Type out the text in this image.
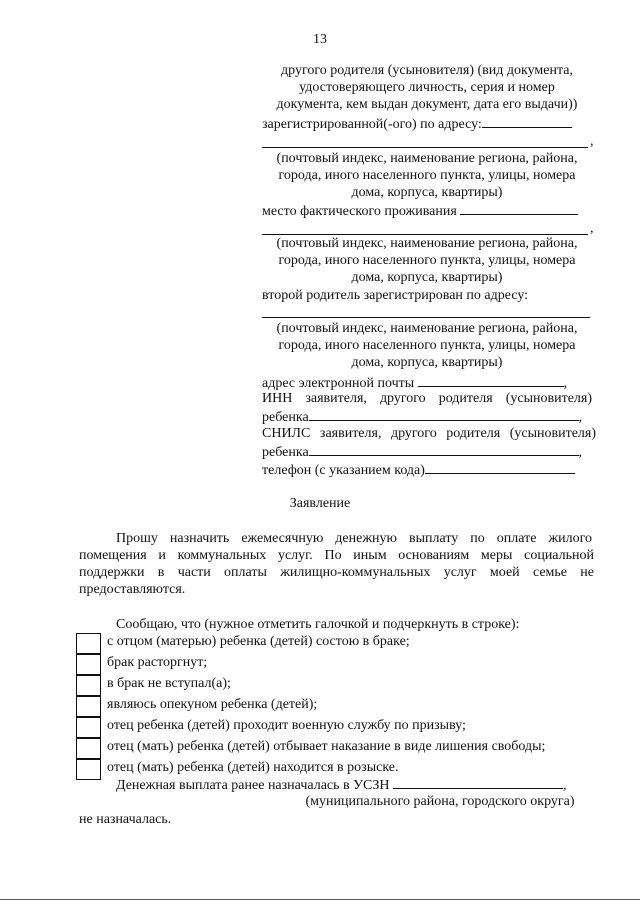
13
другого родителя (усыновителя) (вид документа,
удостоверяющего личность, серия и номер
документа, кем выдан документ, дата его выдачи))
зарегистрированной(-ого) по адресу:
,
(почтовый индекс, наименование региона, района,
города, иного населенного пункта, улицы, номера
дома, корпуса, квартиры)
место фактического проживания
,
(почтовый индекс, наименование региона, района,
города, иного населенного пункта, улицы, номера
дома, корпуса, квартиры)
второй родитель зарегистрирован по адресу:
(почтовый индекс, наименование региона, района,
города, иного населенного пункта, улицы, номера
дома, корпуса, квартиры)
адрес электронной почты	,
ИНН заявителя, другого родителя (усыновителя)
ребенка	,
СНИЛС заявителя, другого родителя (усыновителя)
ребенка	,
телефон (с указанием кода)
Заявление
Прошу назначить ежемесячную денежную выплату по оплате жилого
помещения и коммунальных услуг. По иным основаниям меры социальной
поддержки в части оплаты жилищно-коммунальных услуг моей семье не
предоставляются.
Сообщаю, что (нужное отметить галочкой и подчеркнуть в строке):
с отцом (матерью) ребенка (детей) состою в браке;
брак расторгнут;
в брак не вступал(а);
являюсь опекуном ребенка (детей);
отец ребенка (детей) проходит военную службу по призыву;
отец (мать) ребенка (детей) отбывает наказание в виде лишения свободы;
отец (мать) ребенка (детей) находится в розыске.
Денежная выплата ранее назначалась в УСЗН	,
(муниципального района, городского округа)
не назначалась.
